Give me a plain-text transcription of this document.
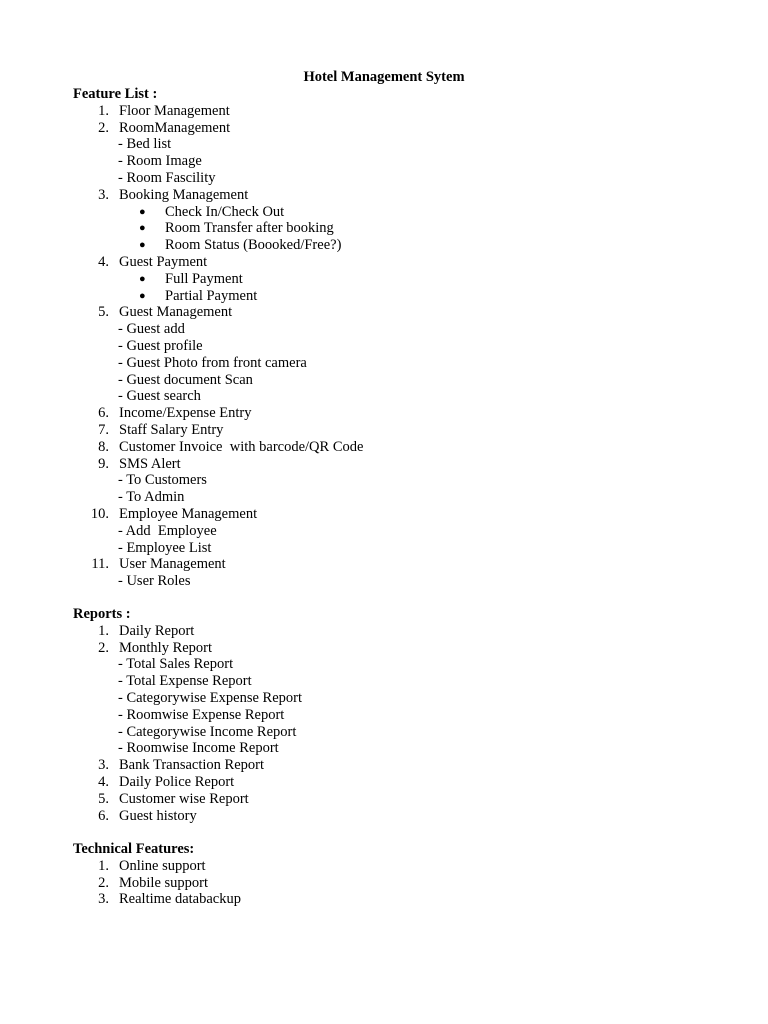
Hotel Management Sytem
Feature List :
1. Floor Management
2. RoomManagement
- Bed list
- Room Image
- Room Fascility
3. Booking Management
● Check In/Check Out
● Room Transfer after booking
● Room Status (Boooked/Free?)
4. Guest Payment
● Full Payment
● Partial Payment
5. Guest Management
- Guest add
- Guest profile
- Guest Photo from front camera
- Guest document Scan
- Guest search
6. Income/Expense Entry
7. Staff Salary Entry
8. Customer Invoice  with barcode/QR Code
9. SMS Alert
- To Customers
- To Admin
10. Employee Management
- Add  Employee
- Employee List
11. User Management
- User Roles
Reports :
1. Daily Report
2. Monthly Report
- Total Sales Report
- Total Expense Report
- Categorywise Expense Report
- Roomwise Expense Report
- Categorywise Income Report
- Roomwise Income Report
3. Bank Transaction Report
4. Daily Police Report
5. Customer wise Report
6. Guest history
Technical Features:
1. Online support
2. Mobile support
3. Realtime databackup
